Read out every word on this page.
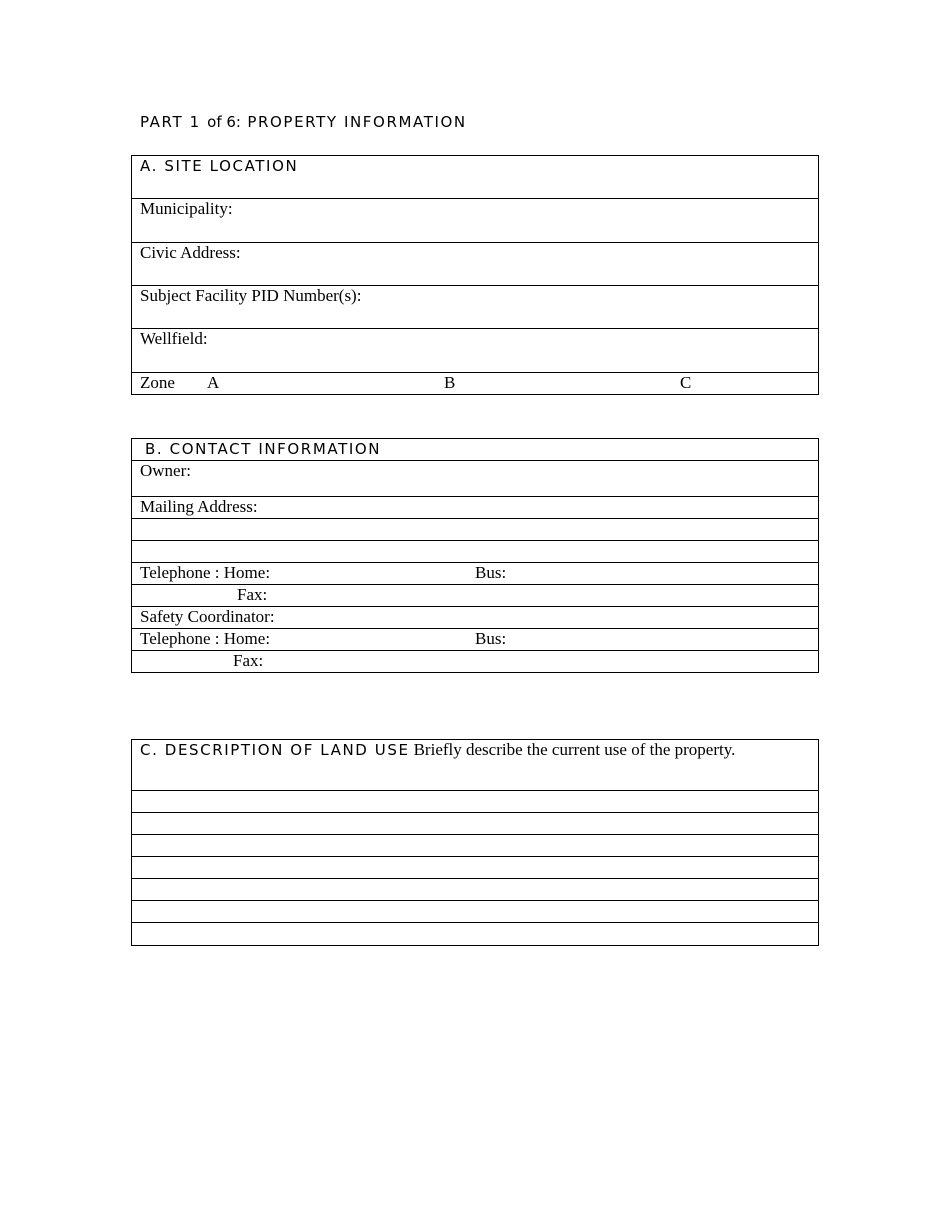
PART 1 of 6: PROPERTY INFORMATION
A. SITE LOCATION
Municipality:
Civic Address:
Subject Facility PID Number(s):
Wellfield:

Zone A	B	C
B. CONTACT INFORMATION
Owner:
Mailing Address:

Telephone : Home:	Bus:

Fax:

Safety Coordinator:

Telephone : Home:	Bus:

Fax:
C. DESCRIPTION OF LAND USE Briefly describe the current use of the property.
